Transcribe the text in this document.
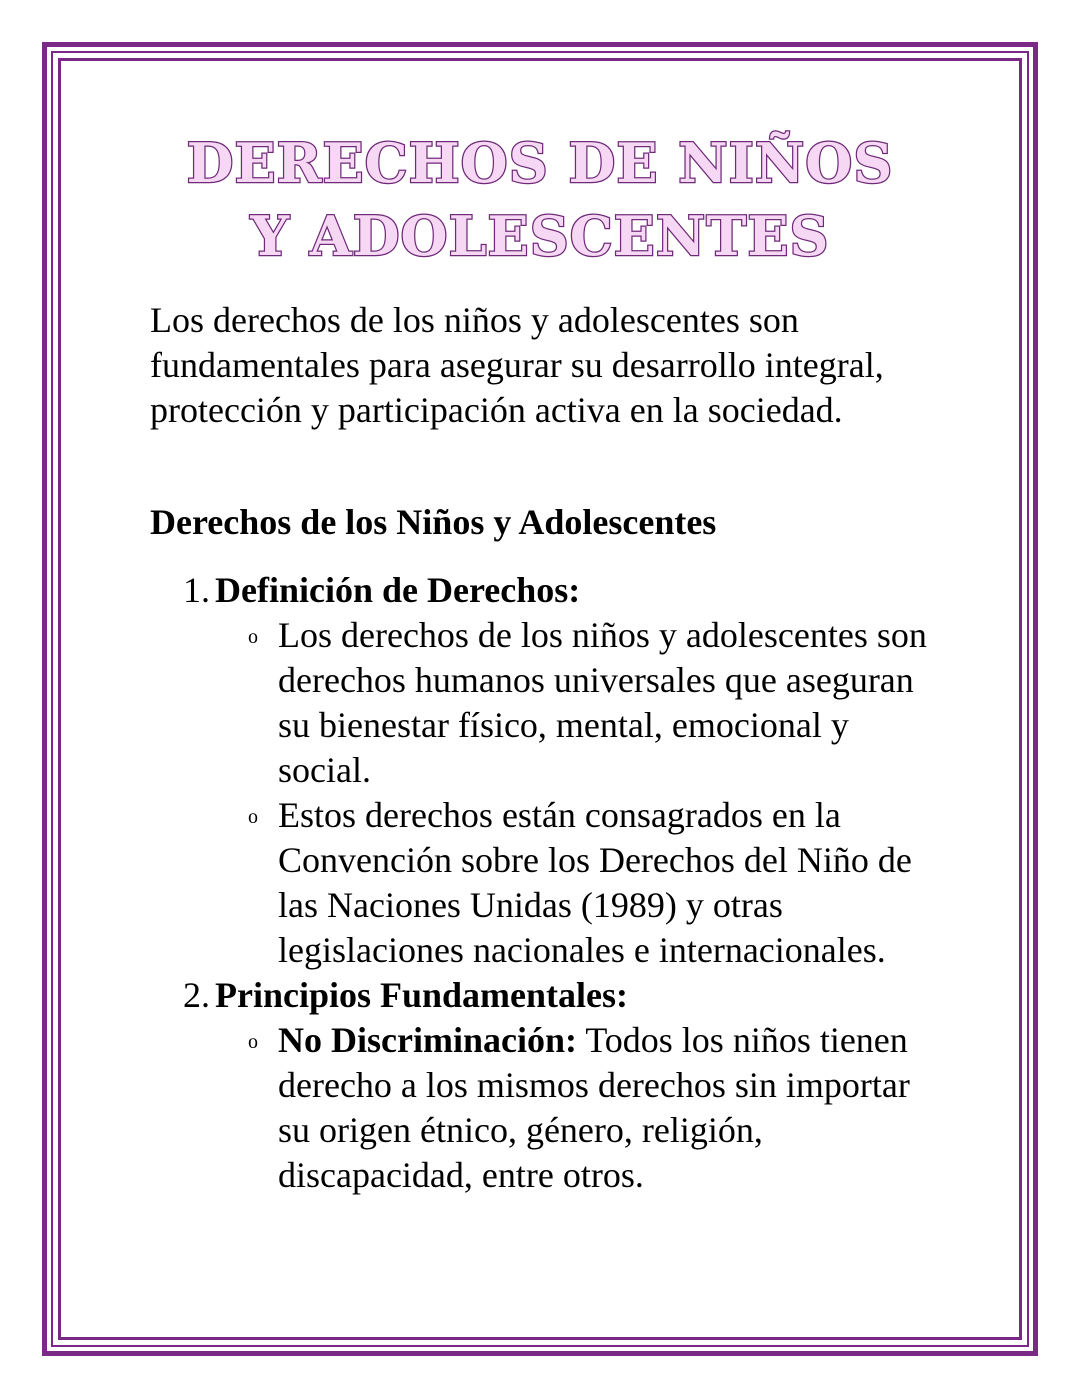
DERECHOS DE NIÑOS
Y ADOLESCENTES
Los derechos de los niños y adolescentes son fundamentales para asegurar su desarrollo integral, protección y participación activa en la sociedad.
Derechos de los Niños y Adolescentes
1. Definición de Derechos:
o Los derechos de los niños y adolescentes son derechos humanos universales que aseguran su bienestar físico, mental, emocional y social.
o Estos derechos están consagrados en la Convención sobre los Derechos del Niño de las Naciones Unidas (1989) y otras legislaciones nacionales e internacionales.
2. Principios Fundamentales:
o No Discriminación: Todos los niños tienen derecho a los mismos derechos sin importar su origen étnico, género, religión, discapacidad, entre otros.
